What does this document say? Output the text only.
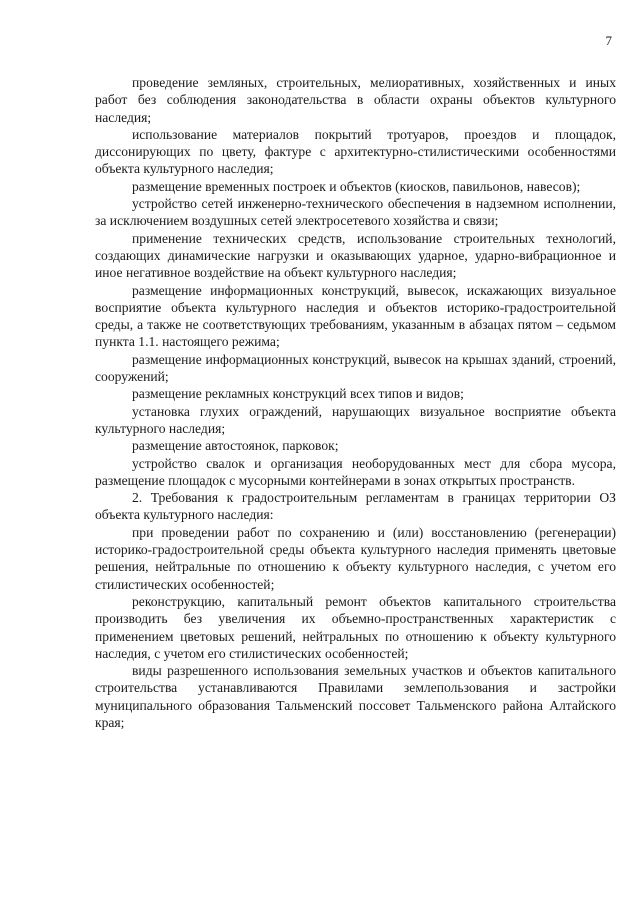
7

проведение земляных, строительных, мелиоративных, хозяйственных и иных работ без соблюдения законодательства в области охраны объектов культурного наследия;

использование материалов покрытий тротуаров, проездов и площадок, диссонирующих по цвету, фактуре с архитектурно-стилистическими особенностями объекта культурного наследия;

размещение временных построек и объектов (киосков, павильонов, навесов);

устройство сетей инженерно-технического обеспечения в надземном исполнении, за исключением воздушных сетей электросетевого хозяйства и связи;

применение технических средств, использование строительных технологий, создающих динамические нагрузки и оказывающих ударное, ударно-вибрационное и иное негативное воздействие на объект культурного наследия;

размещение информационных конструкций, вывесок, искажающих визуальное восприятие объекта культурного наследия и объектов историко-градостроительной среды, а также не соответствующих требованиям, указанным в абзацах пятом – седьмом пункта 1.1. настоящего режима;

размещение информационных конструкций, вывесок на крышах зданий, строений, сооружений;

размещение рекламных конструкций всех типов и видов;

установка глухих ограждений, нарушающих визуальное восприятие объекта культурного наследия;

размещение автостоянок, парковок;

устройство свалок и организация необорудованных мест для сбора мусора, размещение площадок с мусорными контейнерами в зонах открытых пространств.

2. Требования к градостроительным регламентам в границах территории ОЗ объекта культурного наследия:

при проведении работ по сохранению и (или) восстановлению (регенерации) историко-градостроительной среды объекта культурного наследия применять цветовые решения, нейтральные по отношению к объекту культурного наследия, с учетом его стилистических особенностей;

реконструкцию, капитальный ремонт объектов капитального строительства производить без увеличения их объемно-пространственных характеристик с применением цветовых решений, нейтральных по отношению к объекту культурного наследия, с учетом его стилистических особенностей;

виды разрешенного использования земельных участков и объектов капитального строительства устанавливаются Правилами землепользования и застройки муниципального образования Тальменский поссовет Тальменского района Алтайского края;
